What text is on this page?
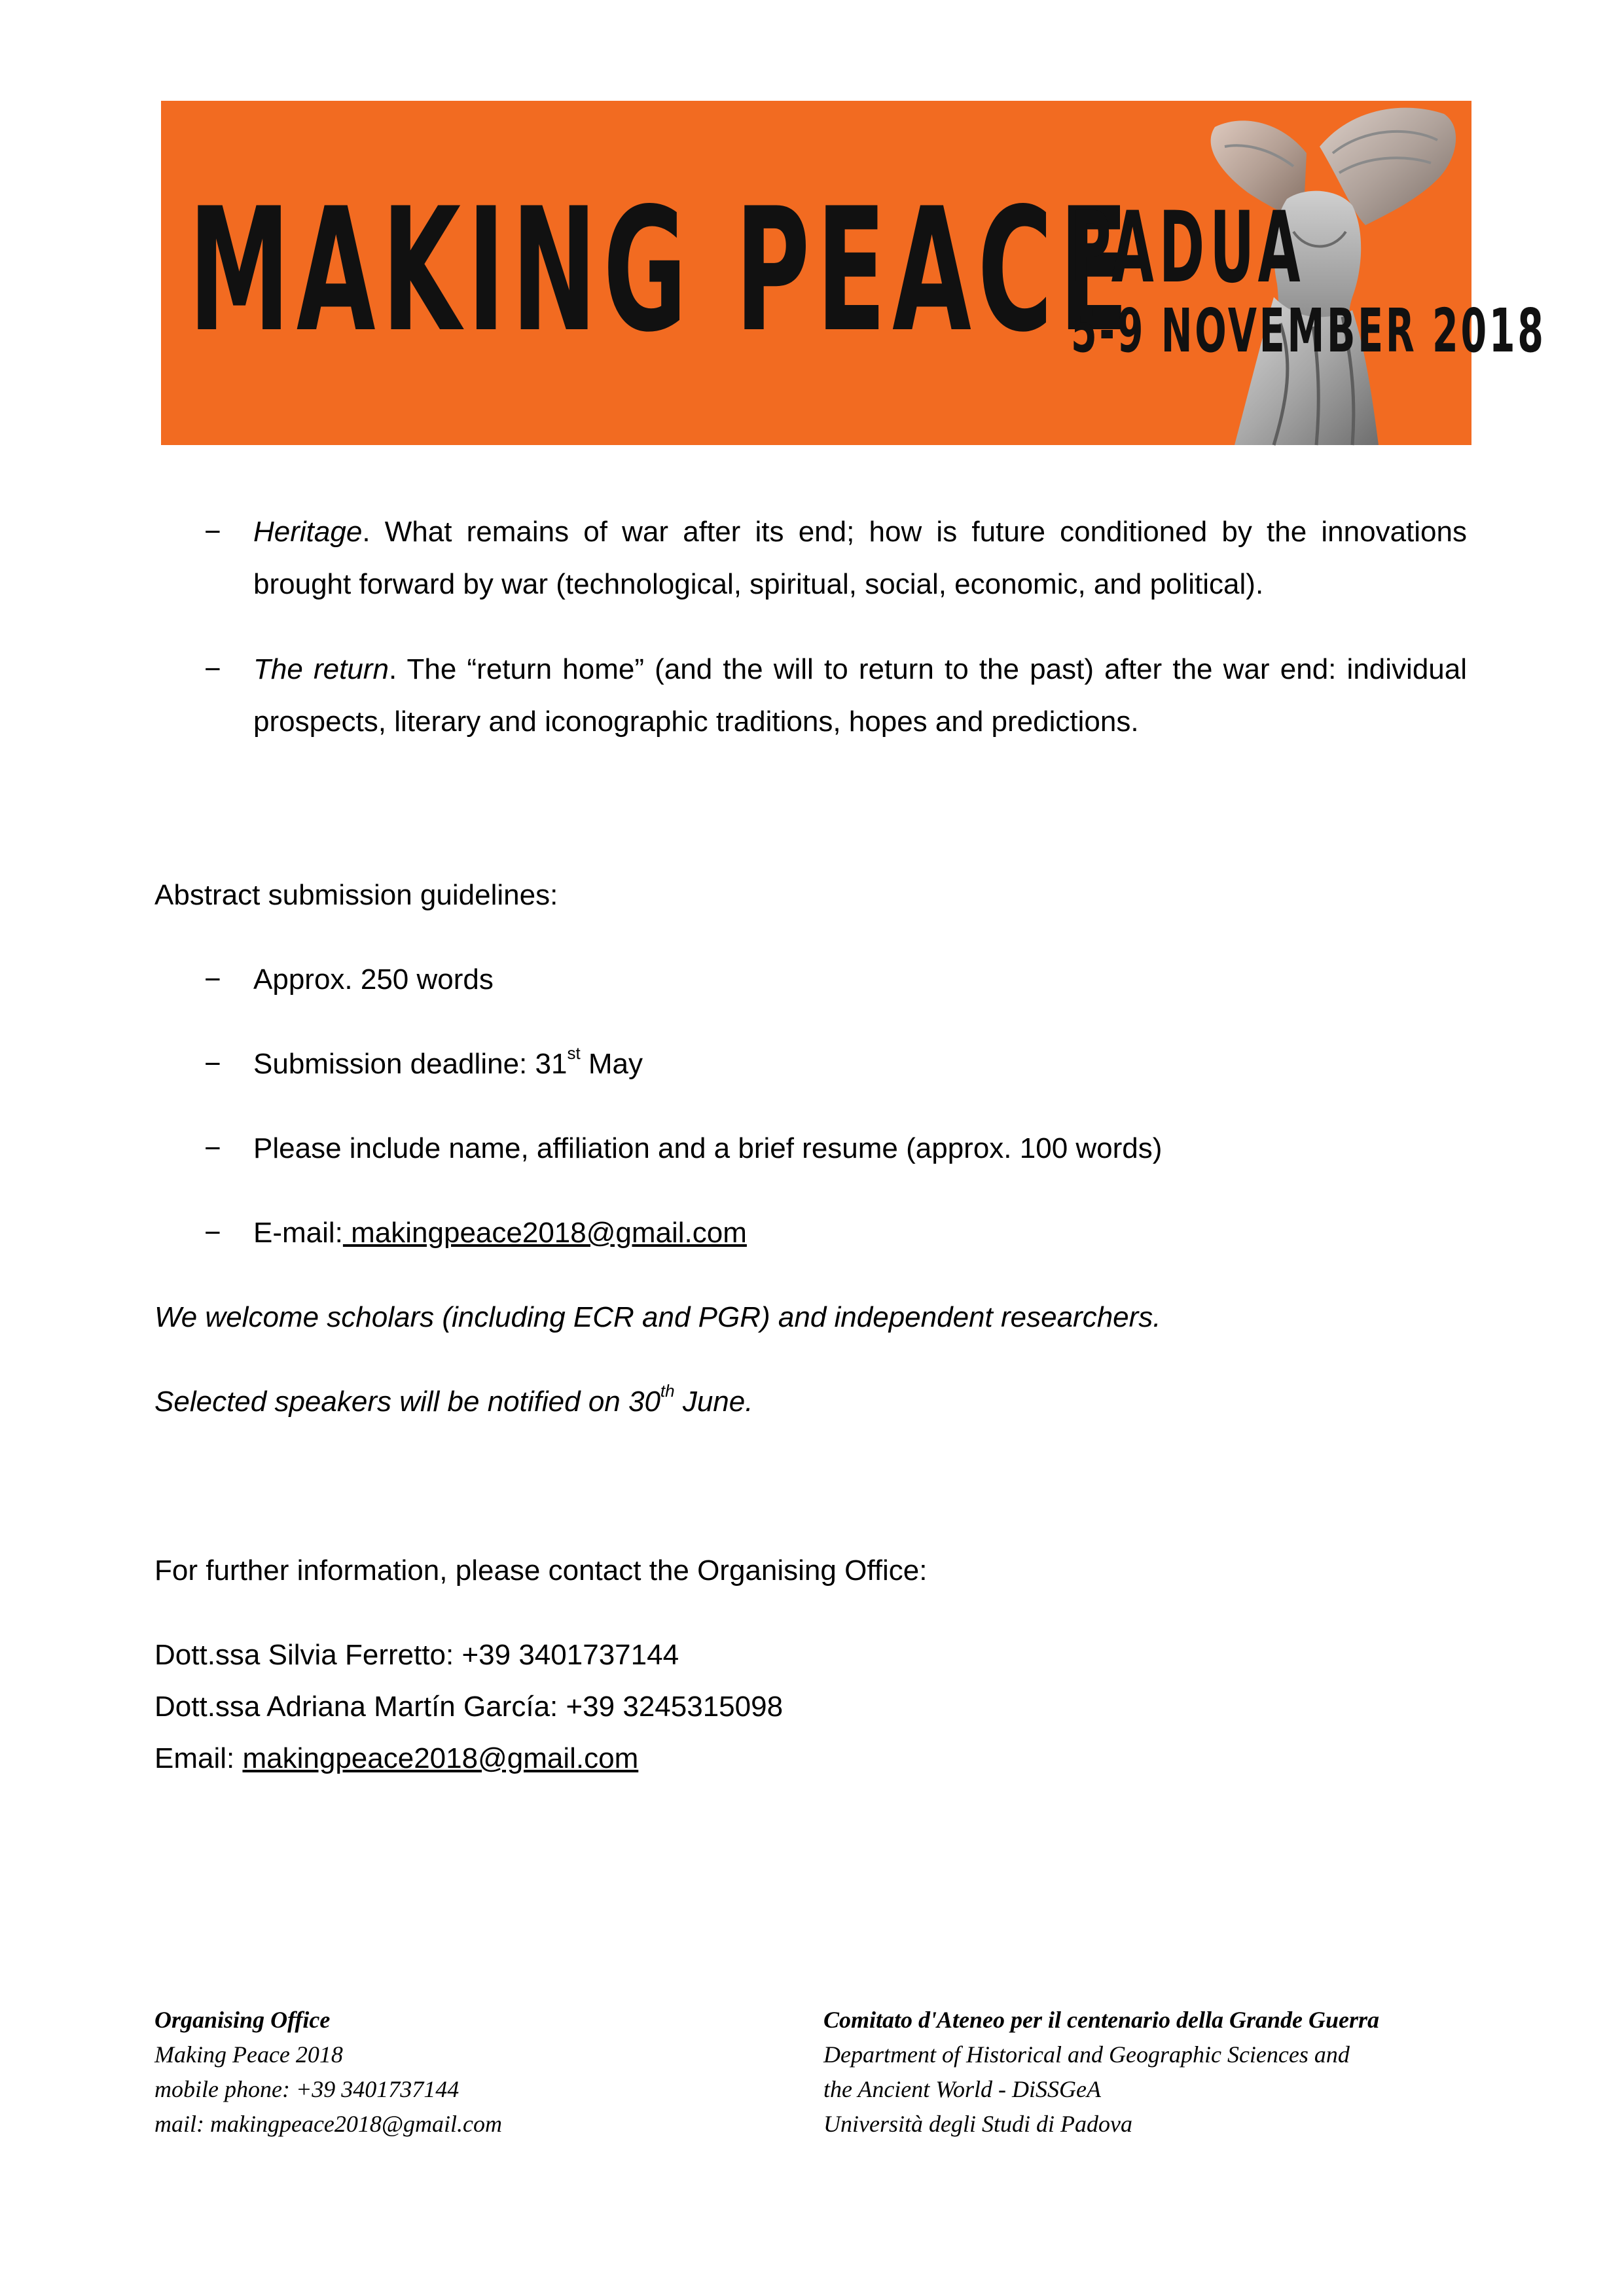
MAKING PEACE
PADUA
5-9 NOVEMBER 2018
− Heritage. What remains of war after its end; how is future conditioned by the innovations brought forward by war (technological, spiritual, social, economic, and political).
− The return. The “return home” (and the will to return to the past) after the war end: individual prospects, literary and iconographic traditions, hopes and predictions.
Abstract submission guidelines:
− Approx. 250 words
− Submission deadline: 31st May
− Please include name, affiliation and a brief resume (approx. 100 words)
− E-mail: makingpeace2018@gmail.com
We welcome scholars (including ECR and PGR) and independent researchers.
Selected speakers will be notified on 30th June.
For further information, please contact the Organising Office:
Dott.ssa Silvia Ferretto: +39 3401737144
Dott.ssa Adriana Martín García: +39 3245315098
Email: makingpeace2018@gmail.com
Organising Office
Making Peace 2018
mobile phone: +39 3401737144
mail: makingpeace2018@gmail.com
Comitato d'Ateneo per il centenario della Grande Guerra
Department of Historical and Geographic Sciences and
the Ancient World - DiSSGeA
Università degli Studi di Padova
